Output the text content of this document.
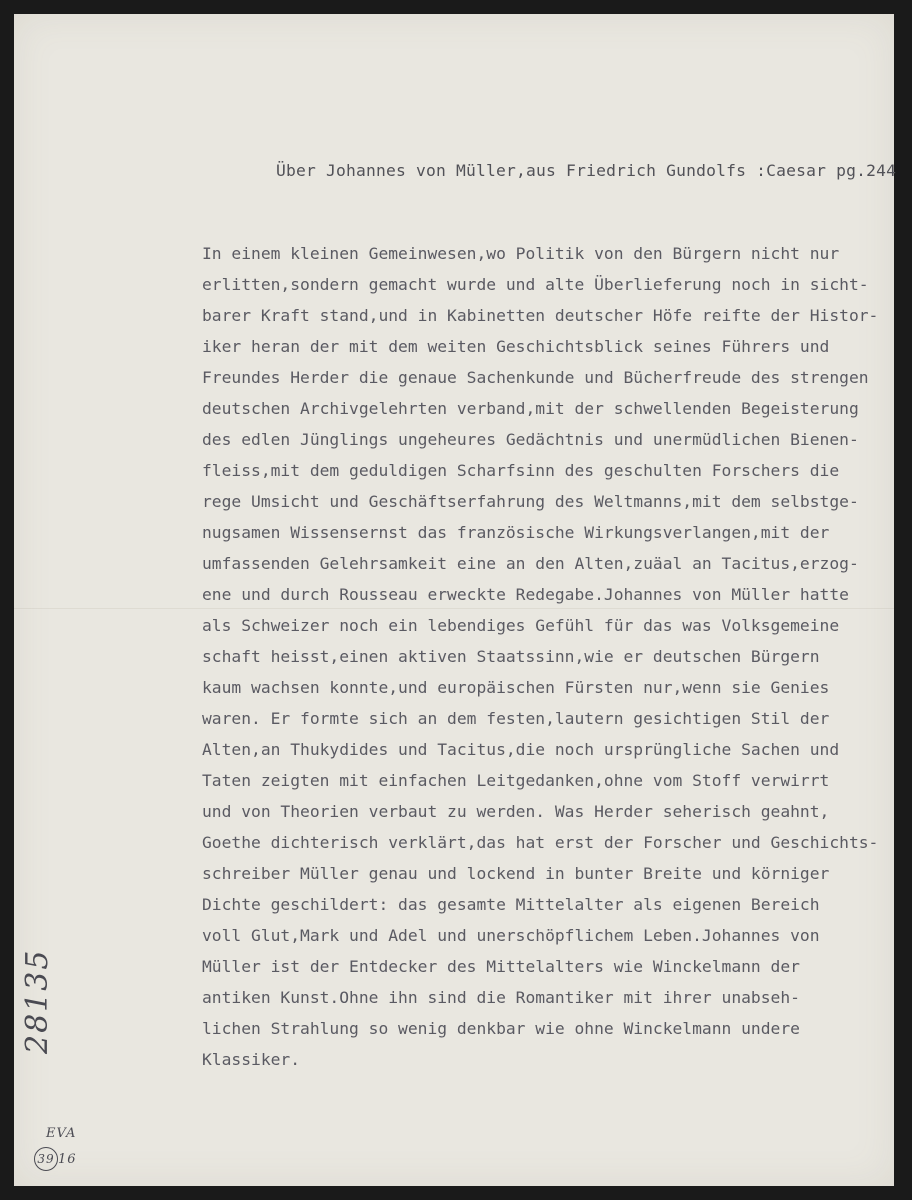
Über Johannes von Müller,aus Friedrich Gundolfs :Caesar pg.244
In einem kleinen Gemeinwesen,wo Politik von den Bürgern nicht nur
erlitten,sondern gemacht wurde und alte Überlieferung noch in sicht-
barer Kraft stand,und in Kabinetten deutscher Höfe reifte der Histor-
iker heran der mit dem weiten Geschichtsblick seines Führers und
Freundes Herder die genaue Sachenkunde und Bücherfreude des strengen
deutschen Archivgelehrten verband,mit der schwellenden Begeisterung
des edlen Jünglings ungeheures Gedächtnis und unermüdlichen Bienen-
fleiss,mit dem geduldigen Scharfsinn des geschulten Forschers die
rege Umsicht und Geschäftserfahrung des Weltmanns,mit dem selbstge-
nugsamen Wissensernst das französische Wirkungsverlangen,mit der
umfassenden Gelehrsamkeit eine an den Alten,zuäal an Tacitus,erzog-
ene und durch Rousseau erweckte Redegabe.Johannes von Müller hatte
als Schweizer noch ein lebendiges Gefühl für das was Volksgemeine
schaft heisst,einen aktiven Staatssinn,wie er deutschen Bürgern
kaum wachsen konnte,und europäischen Fürsten nur,wenn sie Genies
waren. Er formte sich an dem festen,lautern gesichtigen Stil der
Alten,an Thukydides und Tacitus,die noch ursprüngliche Sachen und
Taten zeigten mit einfachen Leitgedanken,ohne vom Stoff verwirrt
und von Theorien verbaut zu werden. Was Herder seherisch geahnt,
Goethe dichterisch verklärt,das hat erst der Forscher und Geschichts-
schreiber Müller genau und lockend in bunter Breite und körniger
Dichte geschildert: das gesamte Mittelalter als eigenen Bereich
voll Glut,Mark und Adel und unerschöpflichem Leben.Johannes von
Müller ist der Entdecker des Mittelalters wie Winckelmann der
antiken Kunst.Ohne ihn sind die Romantiker mit ihrer unabseh-
lichen Strahlung so wenig denkbar wie ohne Winckelmann undere
Klassiker.
28135
EVA
39 16
